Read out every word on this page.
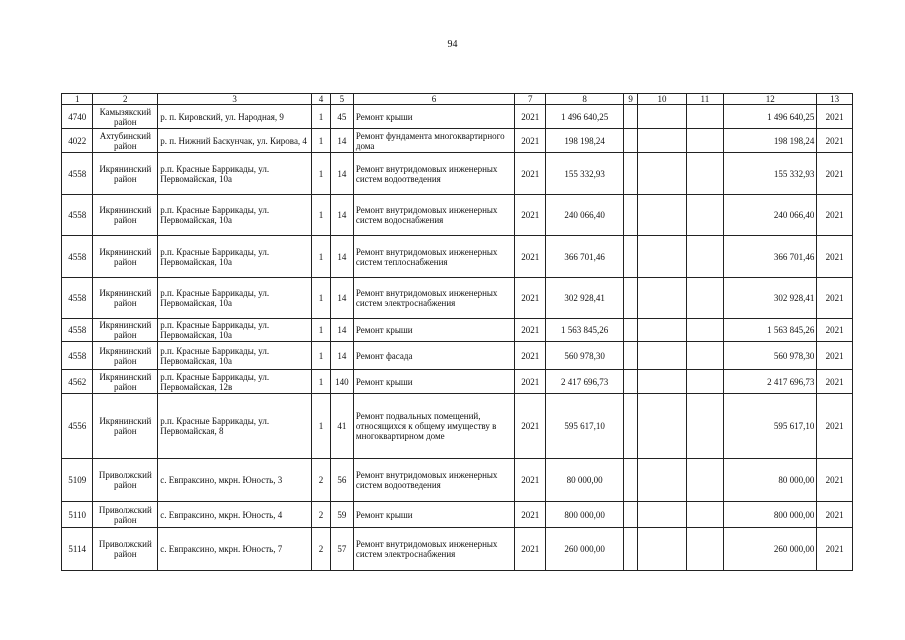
94
1	2	3	4	5	6	7	8	9	10	11	12	13
4740	Камызякский район	р. п. Кировский, ул. Народная, 9	1	45	Ремонт крыши	2021	1 496 640,25				1 496 640,25	2021
4022	Ахтубинский район	р. п. Нижний Баскунчак, ул. Кирова, 4	1	14	Ремонт фундамента многоквартирного дома	2021	198 198,24				198 198,24	2021
4558	Икрянинский район	р.п. Красные Баррикады, ул. Первомайская, 10а	1	14	Ремонт внутридомовых инженерных систем водоотведения	2021	155 332,93				155 332,93	2021
4558	Икрянинский район	р.п. Красные Баррикады, ул. Первомайская, 10а	1	14	Ремонт внутридомовых инженерных систем водоснабжения	2021	240 066,40				240 066,40	2021
4558	Икрянинский район	р.п. Красные Баррикады, ул. Первомайская, 10а	1	14	Ремонт внутридомовых инженерных систем теплоснабжения	2021	366 701,46				366 701,46	2021
4558	Икрянинский район	р.п. Красные Баррикады, ул. Первомайская, 10а	1	14	Ремонт внутридомовых инженерных систем электроснабжения	2021	302 928,41				302 928,41	2021
4558	Икрянинский район	р.п. Красные Баррикады, ул. Первомайская, 10а	1	14	Ремонт крыши	2021	1 563 845,26				1 563 845,26	2021
4558	Икрянинский район	р.п. Красные Баррикады, ул. Первомайская, 10а	1	14	Ремонт фасада	2021	560 978,30				560 978,30	2021
4562	Икрянинский район	р.п. Красные Баррикады, ул. Первомайская, 12в	1	140	Ремонт крыши	2021	2 417 696,73				2 417 696,73	2021
4556	Икрянинский район	р.п. Красные Баррикады, ул. Первомайская, 8	1	41	Ремонт подвальных помещений, относящихся к общему имуществу в многоквартирном доме	2021	595 617,10				595 617,10	2021
5109	Приволжский район	с. Евпраксино, мкрн. Юность, 3	2	56	Ремонт внутридомовых инженерных систем водоотведения	2021	80 000,00				80 000,00	2021
5110	Приволжский район	с. Евпраксино, мкрн. Юность, 4	2	59	Ремонт крыши	2021	800 000,00				800 000,00	2021
5114	Приволжский район	с. Евпраксино, мкрн. Юность, 7	2	57	Ремонт внутридомовых инженерных систем электроснабжения	2021	260 000,00				260 000,00	2021
